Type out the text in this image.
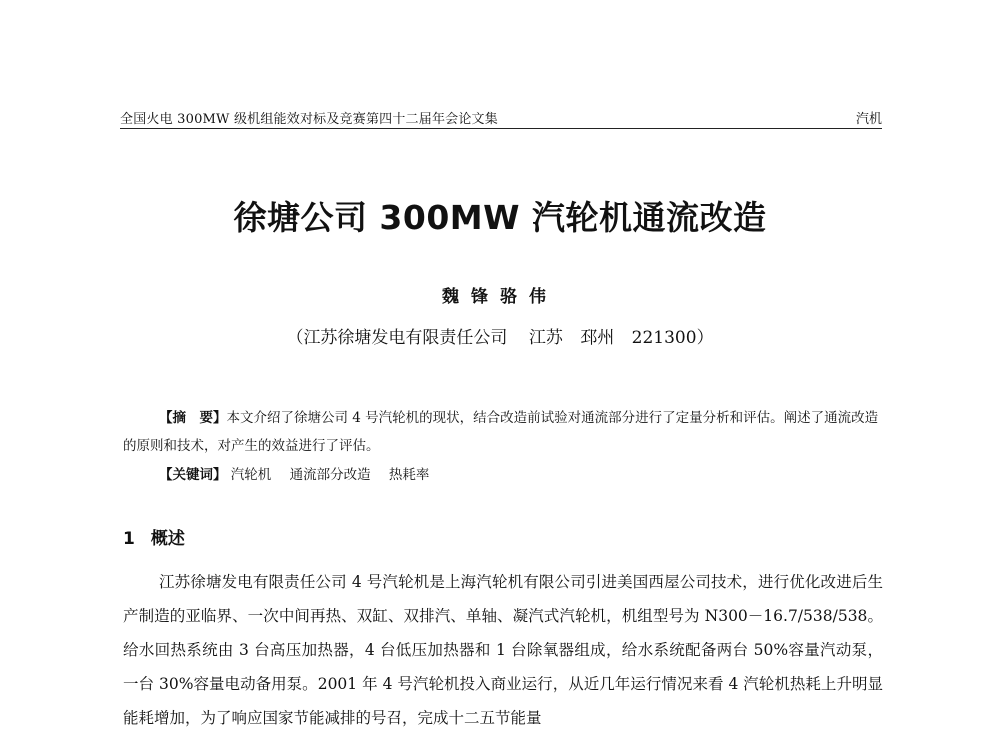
全国火电 300MW 级机组能效对标及竞赛第四十二届年会论文集	汽机
徐塘公司 300MW 汽轮机通流改造
魏锋骆伟
（江苏徐塘发电有限责任公司 江苏 邳州 221300）

【摘　要】本文介绍了徐塘公司 4 号汽轮机的现状，结合改造前试验对通流部分进行了定量分析和评估。阐述了通流改造的原则和技术，对产生的效益进行了评估。

【关键词】 汽轮机 通流部分改造 热耗率
1 概述

江苏徐塘发电有限责任公司 4 号汽轮机是上海汽轮机有限公司引进美国西屋公司技术，进行优化改进后生产制造的亚临界、一次中间再热、双缸、双排汽、单轴、凝汽式汽轮机，机组型号为 N300－16.7/538/538。给水回热系统由 3 台高压加热器，4 台低压加热器和 1 台除氧器组成，给水系统配备两台 50%容量汽动泵，一台 30%容量电动备用泵。2001 年 4 号汽轮机投入商业运行，从近几年运行情况来看 4 汽轮机热耗上升明显能耗增加，为了响应国家节能减排的号召，完成十二五节能量
